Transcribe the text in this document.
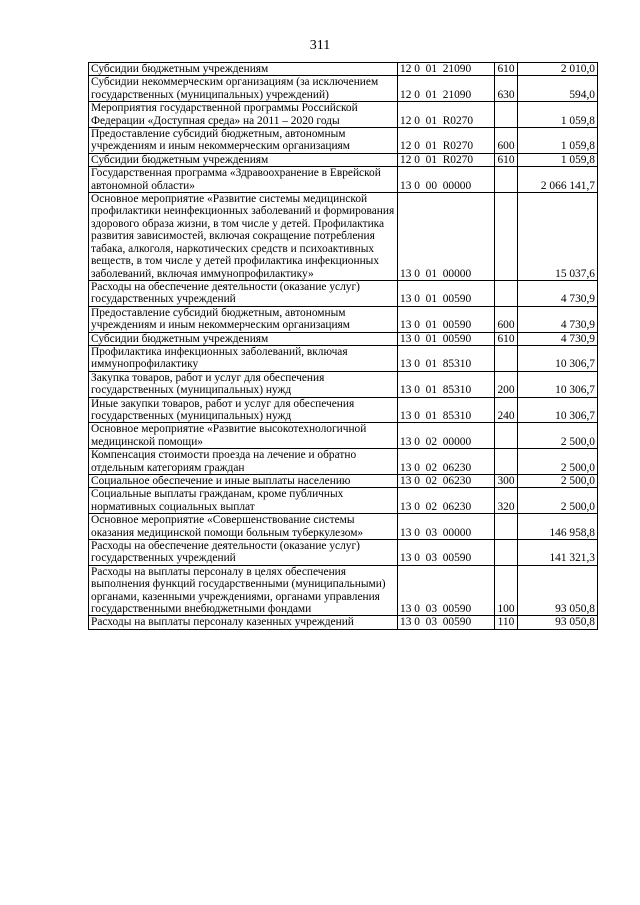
311
Субсидии бюджетным учреждениям	12 0  01  21090	610	2 010,0
Субсидии некоммерческим организациям (за исключением государственных (муниципальных) учреждений)	12 0  01  21090	630	594,0
Мероприятия государственной программы Российской Федерации «Доступная среда» на 2011 – 2020 годы	12 0  01  R0270		1 059,8
Предоставление субсидий бюджетным, автономным учреждениям и иным некоммерческим организациям	12 0  01  R0270	600	1 059,8
Субсидии бюджетным учреждениям	12 0  01  R0270	610	1 059,8
Государственная программа «Здравоохранение в Еврейской автономной области»	13 0  00  00000		2 066 141,7
Основное мероприятие «Развитие системы медицинской профилактики неинфекционных заболеваний и формирования здорового образа жизни, в том числе у детей. Профилактика развития зависимостей, включая сокращение потребления табака, алкоголя, наркотических средств и психоактивных веществ, в том числе у детей профилактика инфекционных заболеваний, включая иммунопрофилактику»	13 0  01  00000		15 037,6
Расходы на обеспечение деятельности (оказание услуг) государственных учреждений	13 0  01  00590		4 730,9
Предоставление субсидий бюджетным, автономным учреждениям и иным некоммерческим организациям	13 0  01  00590	600	4 730,9
Субсидии бюджетным учреждениям	13 0  01  00590	610	4 730,9
Профилактика инфекционных заболеваний, включая иммунопрофилактику	13 0  01  85310		10 306,7
Закупка товаров, работ и услуг для обеспечения государственных (муниципальных) нужд	13 0  01  85310	200	10 306,7
Иные закупки товаров, работ и услуг для обеспечения государственных (муниципальных) нужд	13 0  01  85310	240	10 306,7
Основное мероприятие «Развитие высокотехнологичной медицинской помощи»	13 0  02  00000		2 500,0
Компенсация стоимости проезда на лечение и обратно отдельным категориям граждан	13 0  02  06230		2 500,0
Социальное обеспечение и иные выплаты населению	13 0  02  06230	300	2 500,0
Социальные выплаты гражданам, кроме публичных нормативных социальных выплат	13 0  02  06230	320	2 500,0
Основное мероприятие «Совершенствование системы оказания медицинской помощи больным туберкулезом»	13 0  03  00000		146 958,8
Расходы на обеспечение деятельности (оказание услуг) государственных учреждений	13 0  03  00590		141 321,3
Расходы на выплаты персоналу в целях обеспечения выполнения функций государственными (муниципальными) органами, казенными учреждениями, органами управления государственными внебюджетными фондами	13 0  03  00590	100	93 050,8
Расходы на выплаты персоналу казенных учреждений	13 0  03  00590	110	93 050,8
